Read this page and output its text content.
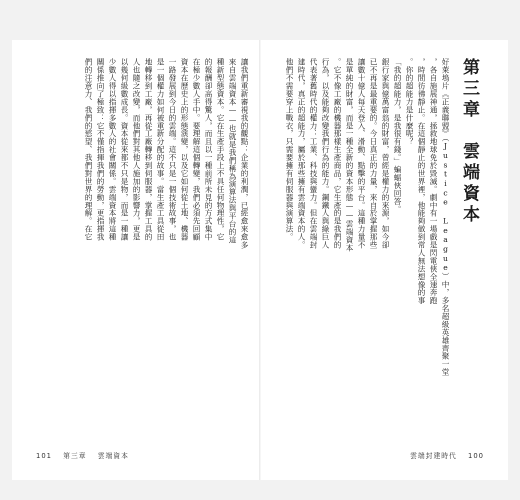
讓我們重新審視我的觀點：企業的利潤，已經愈來愈多
來自雲端資本——也就是我們稱為演算法與平台的這
種新型態資本。它在生產手段上不具任何物理性，它
的報酬卻高得驚人，而且以一種前所未見的方式集中
在極少數人手中。要理解這個轉變，我們必須先回顧
資本在歷史上的形態演變，以及它如何從土地、機器
一路發展到今日的雲端。這不只是一個技術故事，也
是一個權力如何被重新分配的故事。當生產工具從田
地轉移到工廠，再從工廠轉移到伺服器，掌握工具的
人也隨之改變，而他們對其他人施加的影響力，更是
以幾何級數成長。資本從來都不只是物，而是一種讓
少數人得以指揮多數人的社會關係。雲端資本將這種
關係推向了極致：它不僅指揮我們的勞動，更指揮我
們的注意力、我們的慾望、我們對世界的理解。在它	第三章　雲端資本
好萊塢片《正義聯盟》（Justice League）中，多名超級英雄齊聚一堂
，各自施展神通，拯救地球免於毀滅。劇中有一場戲是閃電俠全速奔跑
，時間彷彿靜止。在這個靜止的世界裡，他能夠做到常人無法想像的事
。你的超能力是什麼呢？
「我的超能力，是我很有錢。」蝙蝠俠回答。
銀行家與億萬富翁的財富，曾經是權力的來源，如今卻
已不再是最重要的。今日真正的力量，來自於掌握那些
讓數十億人每天登入、滑動、點擊的平台。這種力量不
是單純的財富，而是一種全新的資本形態——雲端資本
。它不像工廠的機器那樣生產商品，它生產的是我們的
行為，以及能夠改變我們行為的能力。鋼鐵人與綠巨人
代表著舊時代的權力：工業、科技與蠻力。但在雲端封
建時代，真正的超能力，屬於那些擁有雲端資本的人。
他們不需要穿上戰衣，只需要擁有伺服器與演算法。
101 第三章 雲端資本	雲端封建時代 100
